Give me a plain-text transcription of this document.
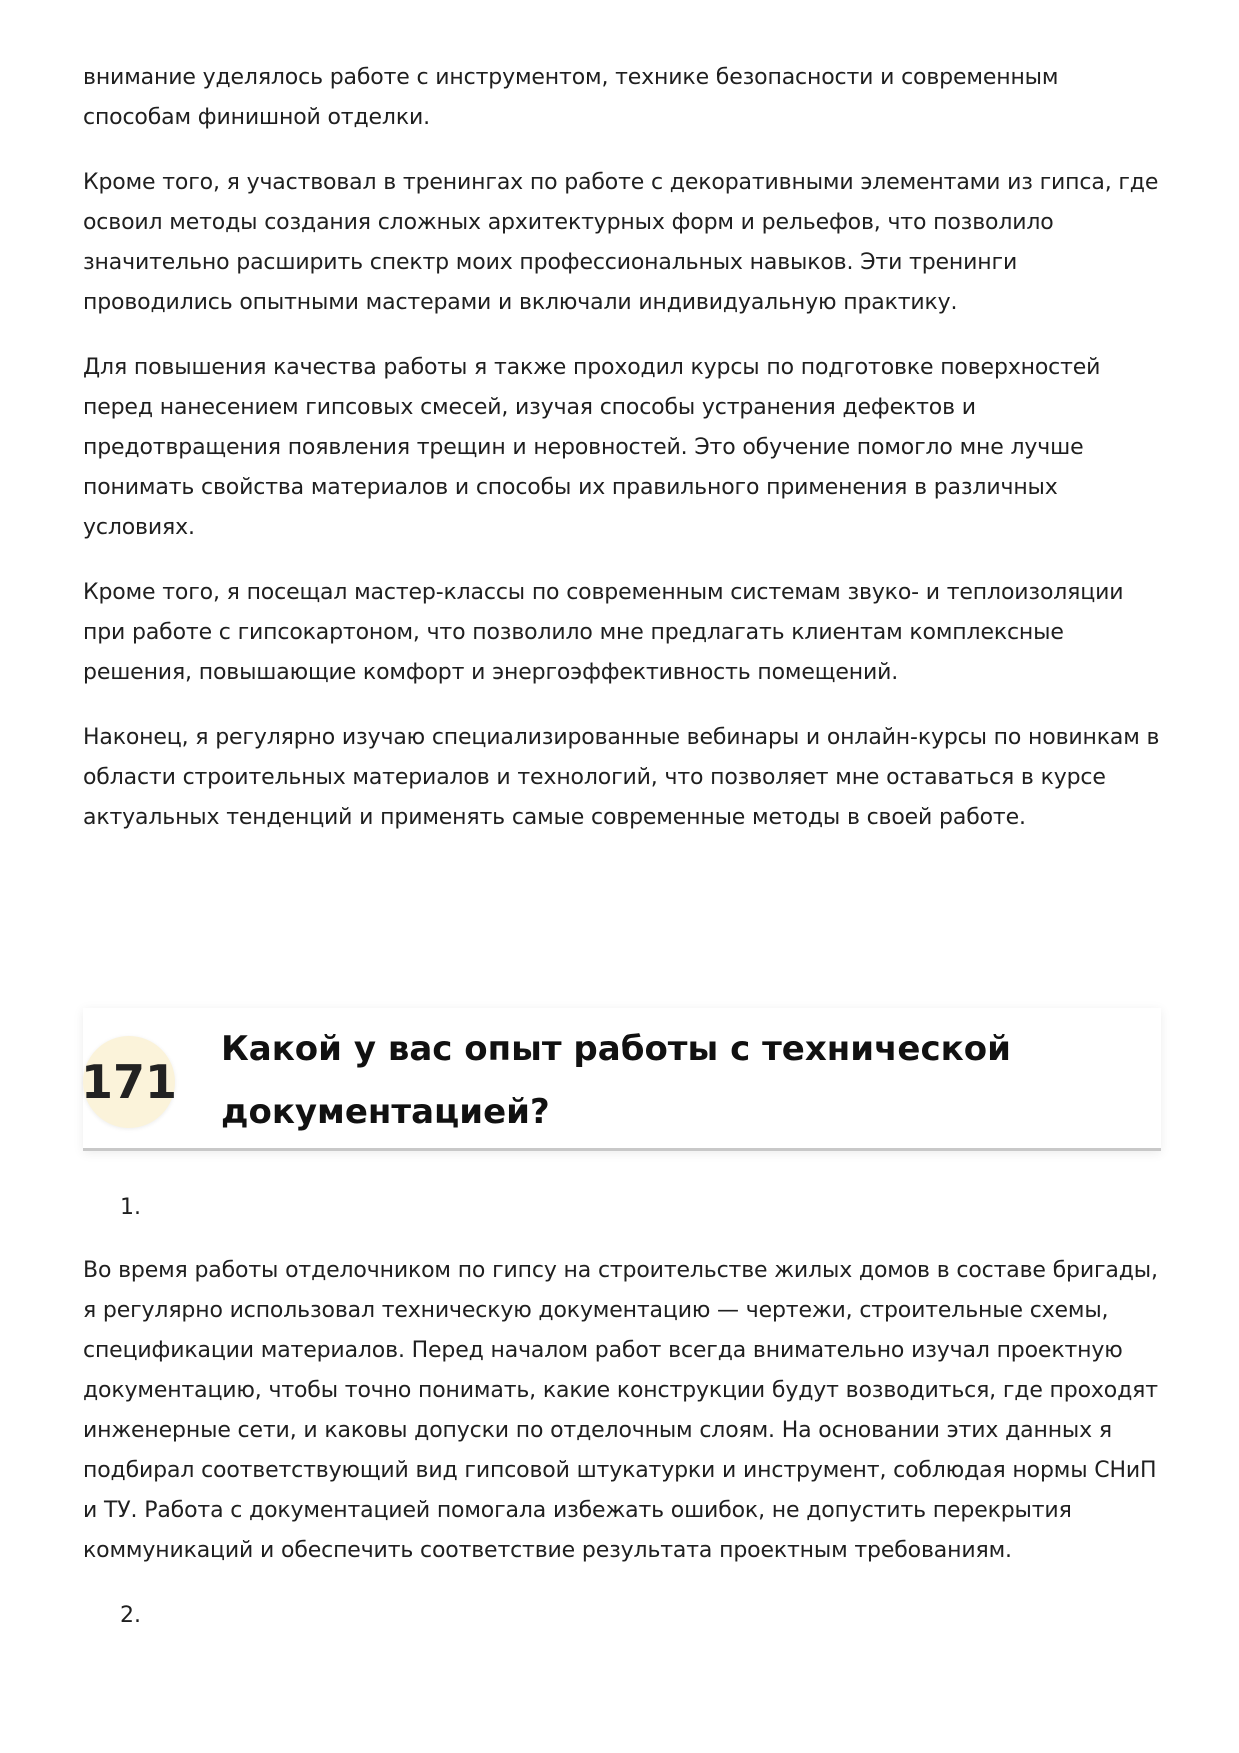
внимание уделялось работе с инструментом, технике безопасности и современным способам финишной отделки.

Кроме того, я участвовал в тренингах по работе с декоративными элементами из гипса, где освоил методы создания сложных архитектурных форм и рельефов, что позволило значительно расширить спектр моих профессиональных навыков. Эти тренинги проводились опытными мастерами и включали индивидуальную практику.

Для повышения качества работы я также проходил курсы по подготовке поверхностей перед нанесением гипсовых смесей, изучая способы устранения дефектов и предотвращения появления трещин и неровностей. Это обучение помогло мне лучше понимать свойства материалов и способы их правильного применения в различных условиях.

Кроме того, я посещал мастер-классы по современным системам звуко- и теплоизоляции при работе с гипсокартоном, что позволило мне предлагать клиентам комплексные решения, повышающие комфорт и энергоэффективность помещений.

Наконец, я регулярно изучаю специализированные вебинары и онлайн-курсы по новинкам в области строительных материалов и технологий, что позволяет мне оставаться в курсе актуальных тенденций и применять самые современные методы в своей работе.

171
Какой у вас опыт работы с технической документацией?

1.

Во время работы отделочником по гипсу на строительстве жилых домов в составе бригады, я регулярно использовал техническую документацию — чертежи, строительные схемы, спецификации материалов. Перед началом работ всегда внимательно изучал проектную документацию, чтобы точно понимать, какие конструкции будут возводиться, где проходят инженерные сети, и каковы допуски по отделочным слоям. На основании этих данных я подбирал соответствующий вид гипсовой штукатурки и инструмент, соблюдая нормы СНиП и ТУ. Работа с документацией помогала избежать ошибок, не допустить перекрытия коммуникаций и обеспечить соответствие результата проектным требованиям.

2.
